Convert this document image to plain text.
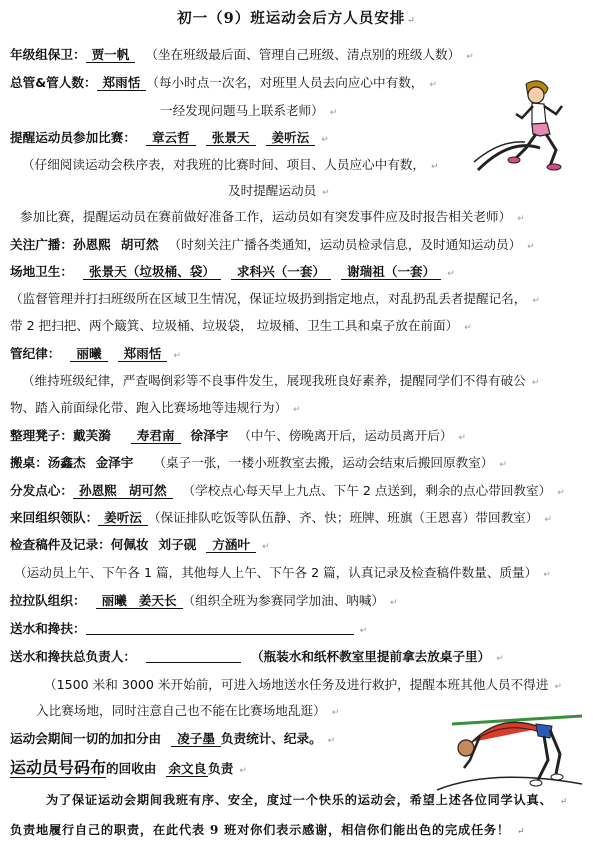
初一（9）班运动会后方人员安排 ↵
年级组保卫： 贾一帆 （坐在班级最后面、管理自己班级、清点别的班级人数） ↵
总管&管人数： 郑雨恬 （每小时点一次名，对班里人员去向应心中有数， ↵
一经发现问题马上联系老师） ↵
提醒运动员参加比赛： 章云哲 张景天 姜听沄 ↵
（仔细阅读运动会秩序表，对我班的比赛时间、项目、人员应心中有数， ↵
及时提醒运动员 ↵
参加比赛，提醒运动员在赛前做好准备工作，运动员如有突发事件应及时报告相关老师） ↵
关注广播：孙恩熙 胡可然 （时刻关注广播各类通知，运动员检录信息，及时通知运动员） ↵
场地卫生： 张景天（垃圾桶、袋） 求科兴（一套） 谢瑞祖（一套） ↵
（监督管理并打扫班级所在区域卫生情况，保证垃圾扔到指定地点，对乱扔乱丢者提醒记名， ↵
带 2 把扫把、两个簸箕、垃圾桶、垃圾袋， 垃圾桶、卫生工具和桌子放在前面） ↵
管纪律： 丽曦 郑雨恬 ↵
（维持班级纪律，严查喝倒彩等不良事件发生，展现我班良好素养，提醒同学们不得有破公 ↵
物、踏入前面绿化带、跑入比赛场地等违规行为） ↵
整理凳子：戴芙漪 寿君南 徐泽宇 （中午、傍晚离开后，运动员离开后） ↵
搬桌：汤鑫杰 金泽宇 （桌子一张，一楼小班教室去搬，运动会结束后搬回原教室） ↵
分发点心： 孙恩熙 胡可然 （学校点心每天早上九点、下午 2 点送到，剩余的点心带回教室） ↵
来回组织领队： 姜听沄 （保证排队吃饭等队伍静、齐、快；班牌、班旗（王恩喜）带回教室） ↵
检查稿件及记录：何佩妆 刘子砚 方涵叶 ↵
（运动员上午、下午各 1 篇，其他每人上午、下午各 2 篇，认真记录及检查稿件数量、质量） ↵
拉拉队组织： 丽曦 姜天长 （组织全班为参赛同学加油、呐喊） ↵
送水和搀扶： ↵
送水和搀扶总负责人：	（瓶装水和纸杯教室里提前拿去放桌子里） ↵
（1500 米和 3000 米开始前，可进入场地送水任务及进行救护，提醒本班其他人员不得进 ↵
入比赛场地，同时注意自己也不能在比赛场地乱逛） ↵
运动会期间一切的加扣分由 凌子墨 负责统计、纪录。 ↵
运动员号码布的回收由 余文良 负责 ↵
为了保证运动会期间我班有序、安全，度过一个快乐的运动会，希望上述各位同学认真、 ↵
负责地履行自己的职责，在此代表 9 班对你们表示感谢，相信你们能出色的完成任务！ ↵
